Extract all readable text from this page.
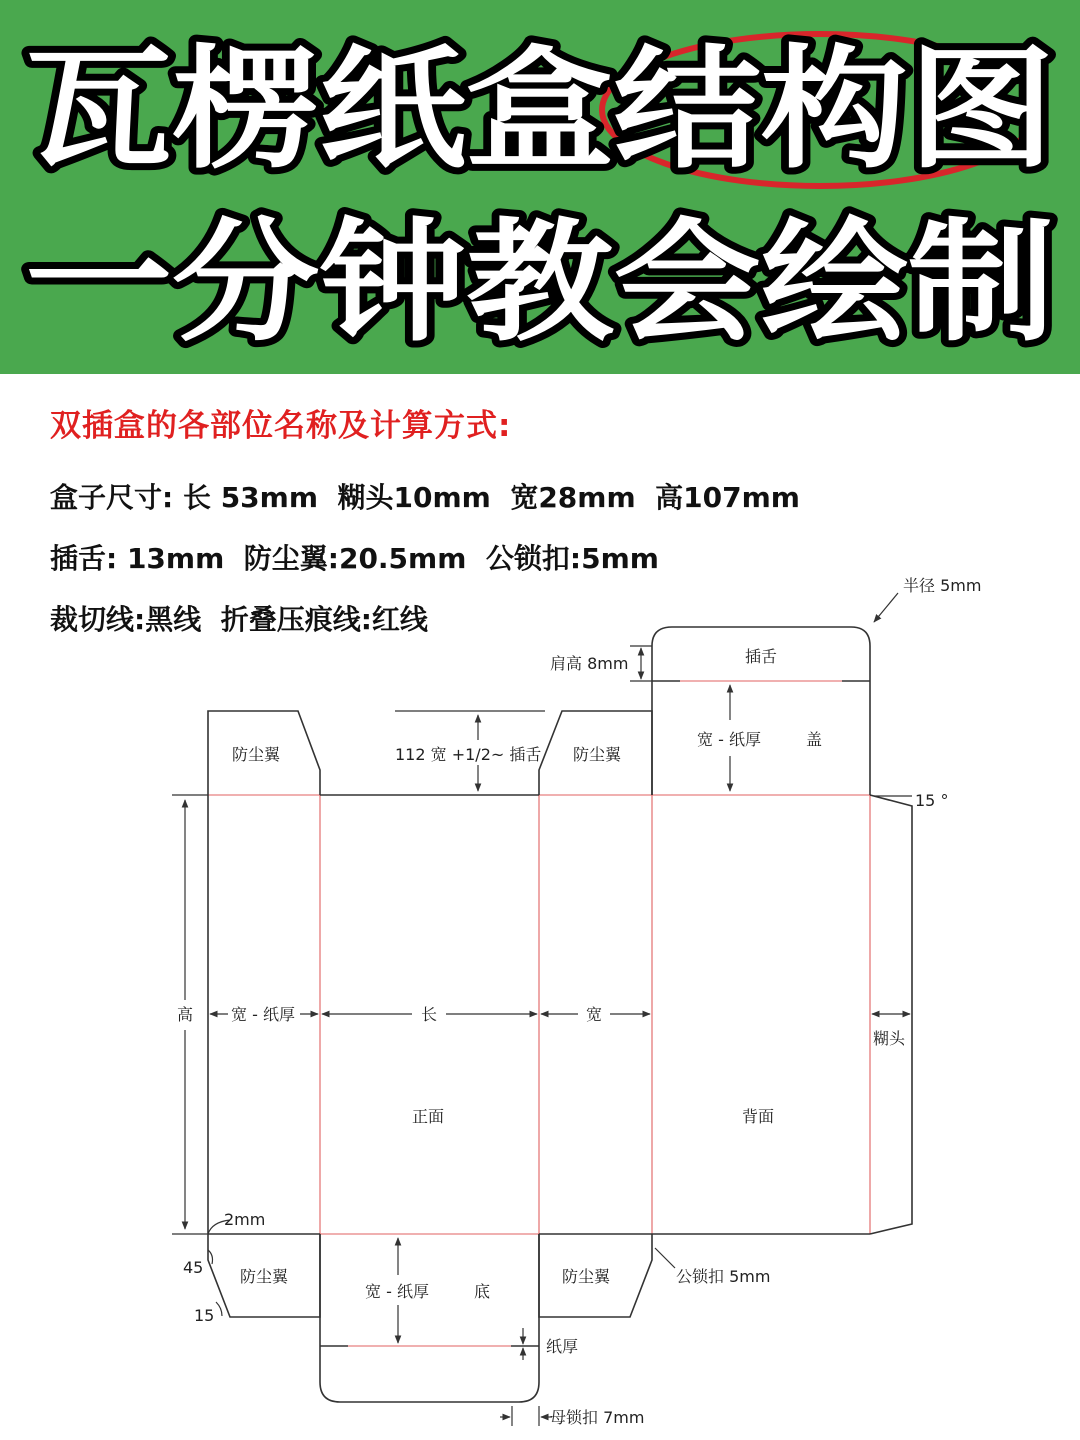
瓦楞纸盒结构图
一分钟教会绘制
双插盒的各部位名称及计算方式:
盒子尺寸: 长 53mm  糊头10mm  宽28mm  高107mm
插舌: 13mm  防尘翼:20.5mm  公锁扣:5mm
裁切线:黑线  折叠压痕线:红线
半径 5mm
插舌
肩高 8mm
防尘翼	112 宽 +1/2~ 插舌 防尘翼
宽 - 纸厚	盖
15 °
高 宽 - 纸厚	长	宽
糊头
正面	背面
2mm
45 防尘翼
宽 - 纸厚	底
防尘翼	公锁扣 5mm
15
纸厚
母锁扣 7mm
